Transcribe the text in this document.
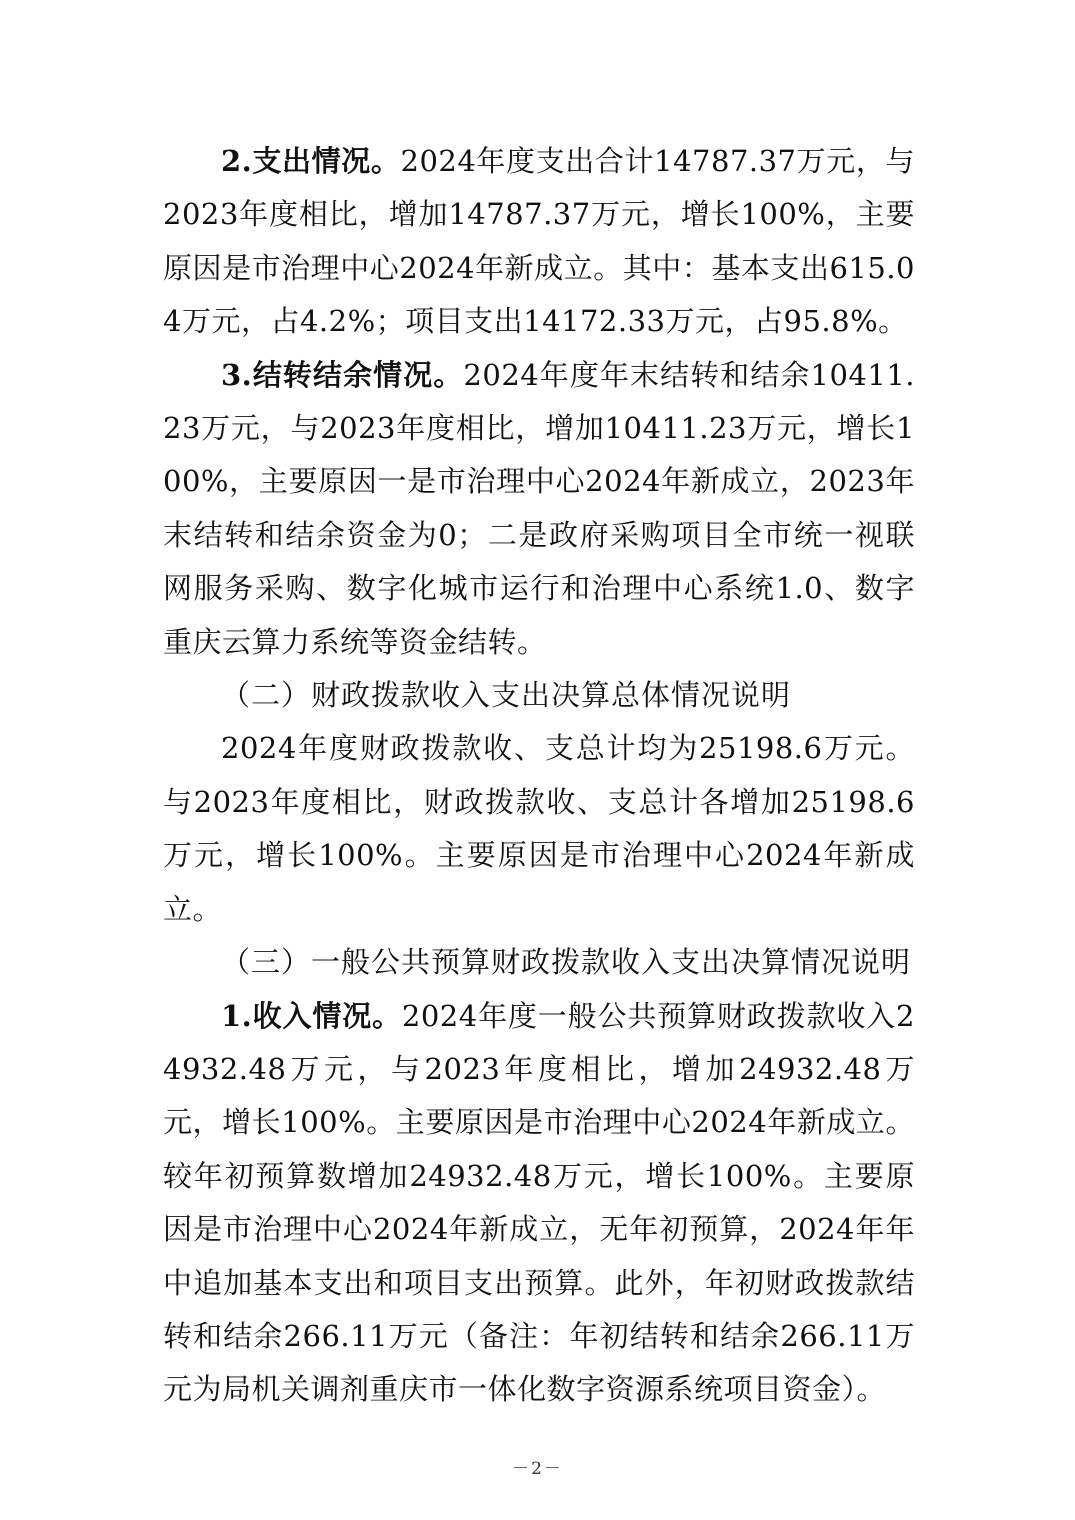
2.支出情况。2024年度支出合计14787.37万元，与2023年度相比，增加14787.37万元，增长100%，主要原因是市治理中心2024年新成立。其中：基本支出615.04万元，占4.2%；项目支出14172.33万元，占95.8%。

3.结转结余情况。2024年度年末结转和结余10411.23万元，与2023年度相比，增加10411.23万元，增长100%，主要原因一是市治理中心2024年新成立，2023年末结转和结余资金为0；二是政府采购项目全市统一视联网服务采购、数字化城市运行和治理中心系统1.0、数字重庆云算力系统等资金结转。

（二）财政拨款收入支出决算总体情况说明

2024年度财政拨款收、支总计均为25198.6万元。与2023年度相比，财政拨款收、支总计各增加25198.6万元，增长100%。主要原因是市治理中心2024年新成立。

（三）一般公共预算财政拨款收入支出决算情况说明

1.收入情况。2024年度一般公共预算财政拨款收入24932.48万元，与2023年度相比，增加24932.48万元，增长100%。主要原因是市治理中心2024年新成立。较年初预算数增加24932.48万元，增长100%。主要原因是市治理中心2024年新成立，无年初预算，2024年年中追加基本支出和项目支出预算。此外，年初财政拨款结转和结余266.11万元（备注：年初结转和结余266.11万元为局机关调剂重庆市一体化数字资源系统项目资金）。

－2－
